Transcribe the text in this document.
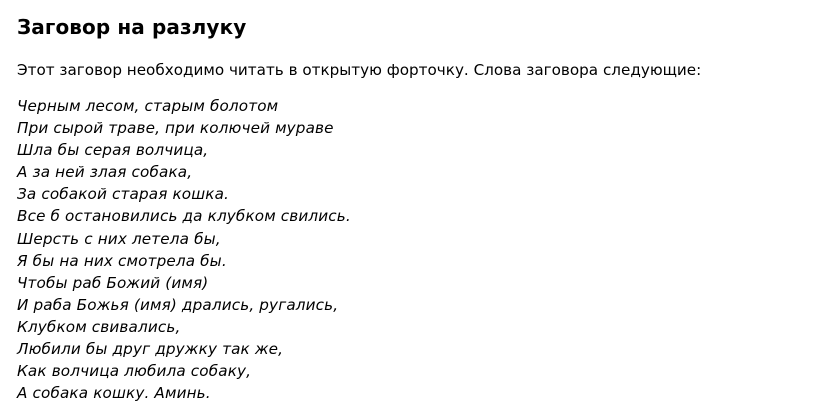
Заговор на разлуку

Этот заговор необходимо читать в открытую форточку. Слова заговора следующие:

Черным лесом, старым болотом
При сырой траве, при колючей мураве
Шла бы серая волчица,
А за ней злая собака,
За собакой старая кошка.
Все б остановились да клубком свились.
Шерсть с них летела бы,
Я бы на них смотрела бы.
Чтобы раб Божий (имя)
И раба Божья (имя) дрались, ругались,
Клубком свивались,
Любили бы друг дружку так же,
Как волчица любила собаку,
А собака кошку. Аминь.
